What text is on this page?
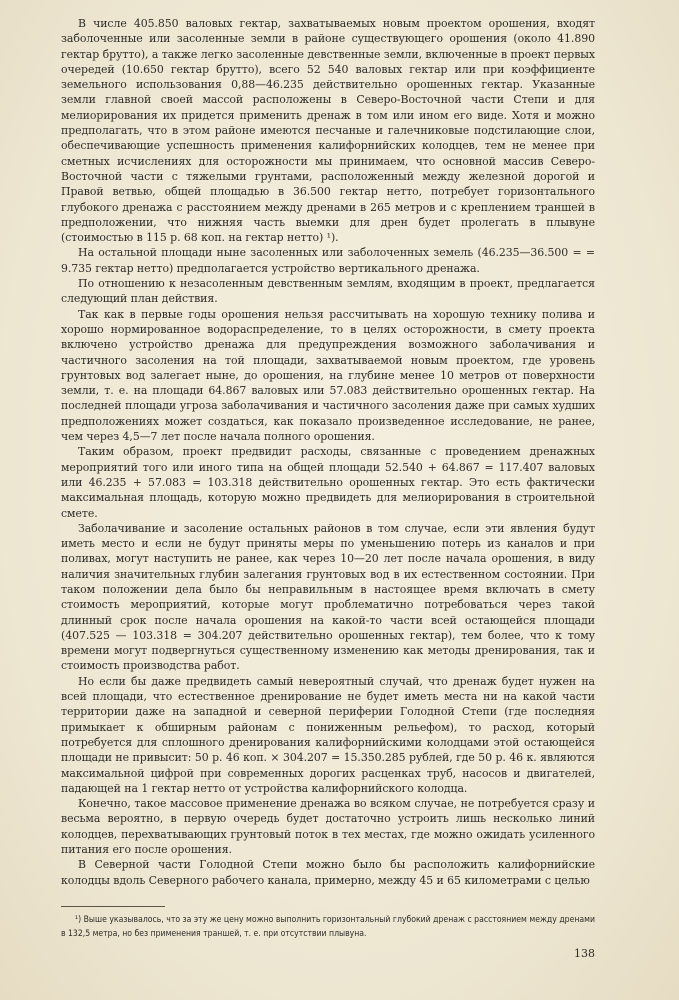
В числе 405.850 валовых гектар, захватываемых новым проектом орошения, входят заболоченные или засоленные земли в районе существующего орошения (около 41.890 гектар брутто), а также легко засоленные девственные земли, включенные в проект первых очередей (10.650 гектар брутто), всего 52 540 валовых гектар или при коэффициенте земельного использования 0,88—46.235 действительно орошенных гектар. Указанные земли главной своей массой расположены в Северо-Восточной части Степи и для мелиорирования их придется применить дренаж в том или ином его виде. Хотя и можно предполагать, что в этом районе имеются песчаные и галечниковые подстилающие слои, обеспечивающие успешность применения калифорнийских колодцев, тем не менее при сметных исчислениях для осторожности мы принимаем, что основной массив Северо-Восточной части с тяжелыми грунтами, расположенный между железной дорогой и Правой ветвью, общей площадью в 36.500 гектар нетто, потребует горизонтального глубокого дренажа с расстоянием между дренами в 265 метров и с креплением траншей в предположении, что нижняя часть выемки для дрен будет пролегать в плывуне (стоимостью в 115 р. 68 коп. на гектар нетто) ¹).

На остальной площади ныне засоленных или заболоченных земель (46.235—36.500 = = 9.735 гектар нетто) предполагается устройство вертикального дренажа.

По отношению к незасоленным девственным землям, входящим в проект, предлагается следующий план действия.

Так как в первые годы орошения нельзя рассчитывать на хорошую технику полива и хорошо нормированное водораспределение, то в целях осторожности, в смету проекта включено устройство дренажа для предупреждения возможного заболачивания и частичного засоления на той площади, захватываемой новым проектом, где уровень грунтовых вод залегает ныне, до орошения, на глубине менее 10 метров от поверхности земли, т. е. на площади 64.867 валовых или 57.083 действительно орошенных гектар. На последней площади угроза заболачивания и частичного засоления даже при самых худших предположениях может создаться, как показало произведенное исследование, не ранее, чем через 4,5—7 лет после начала полного орошения.

Таким образом, проект предвидит расходы, связанные с проведением дренажных мероприятий того или иного типа на общей площади 52.540 + 64.867 = 117.407 валовых или 46.235 + 57.083 = 103.318 действительно орошенных гектар. Это есть фактически максимальная площадь, которую можно предвидеть для мелиорирования в строительной смете.

Заболачивание и засоление остальных районов в том случае, если эти явления будут иметь место и если не будут приняты меры по уменьшению потерь из каналов и при поливах, могут наступить не ранее, как через 10—20 лет после начала орошения, в виду наличия значительных глубин залегания грунтовых вод в их естественном состоянии. При таком положении дела было бы неправильным в настоящее время включать в смету стоимость мероприятий, которые могут проблематично потребоваться через такой длинный срок после начала орошения на какой-то части всей остающейся площади (407.525 — 103.318 = 304.207 действительно орошенных гектар), тем более, что к тому времени могут подвергнуться существенному изменению как методы дренирования, так и стоимость производства работ.

Но если бы даже предвидеть самый невероятный случай, что дренаж будет нужен на всей площади, что естественное дренирование не будет иметь места ни на какой части территории даже на западной и северной периферии Голодной Степи (где последняя примыкает к обширным районам с пониженным рельефом), то расход, который потребуется для сплошного дренирования калифорнийскими колодцами этой остающейся площади не привысит: 50 р. 46 коп. × 304.207 = 15.350.285 рублей, где 50 р. 46 к. являются максимальной цифрой при современных дорогих расценках труб, насосов и двигателей, падающей на 1 гектар нетто от устройства калифорнийского колодца.

Конечно, такое массовое применение дренажа во всяком случае, не потребуется сразу и весьма вероятно, в первую очередь будет достаточно устроить лишь несколько линий колодцев, перехватывающих грунтовый поток в тех местах, где можно ожидать усиленного питания его после орошения.

В Северной части Голодной Степи можно было бы расположить калифорнийские колодцы вдоль Северного рабочего канала, примерно, между 45 и 65 километрами с целью

¹) Выше указывалось, что за эту же цену можно выполнить горизонтальный глубокий дренаж с расстоянием между дренами в 132,5 метра, но без применения траншей, т. е. при отсутствии плывуна.

138
